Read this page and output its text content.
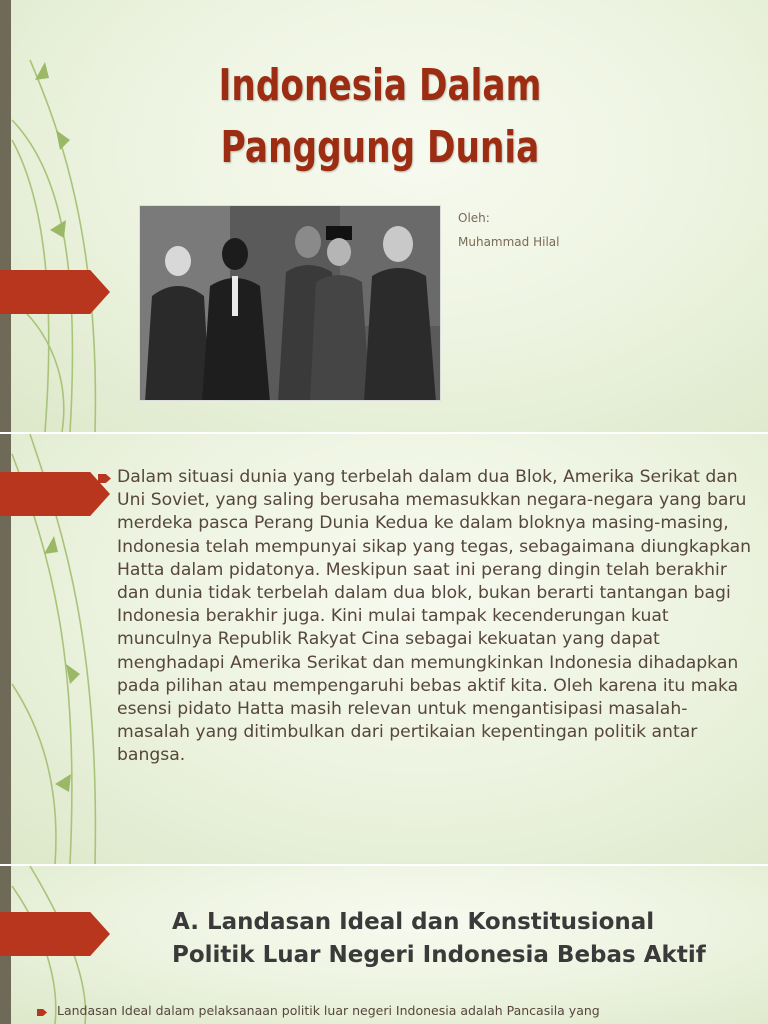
Indonesia Dalam Panggung Dunia
Oleh:
Muhammad Hilal

Dalam situasi dunia yang terbelah dalam dua Blok, Amerika Serikat dan Uni Soviet, yang saling berusaha memasukkan negara-negara yang baru merdeka pasca Perang Dunia Kedua ke dalam bloknya masing-masing, Indonesia telah mempunyai sikap yang tegas, sebagaimana diungkapkan Hatta dalam pidatonya. Meskipun saat ini perang dingin telah berakhir dan dunia tidak terbelah dalam dua blok, bukan berarti tantangan bagi Indonesia berakhir juga. Kini mulai tampak kecenderungan kuat munculnya Republik Rakyat Cina sebagai kekuatan yang dapat menghadapi Amerika Serikat dan memungkinkan Indonesia dihadapkan pada pilihan atau mempengaruhi bebas aktif kita. Oleh karena itu maka esensi pidato Hatta masih relevan untuk mengantisipasi masalah-masalah yang ditimbulkan dari pertikaian kepentingan politik antar bangsa.

A. Landasan Ideal dan Konstitusional Politik Luar Negeri Indonesia Bebas Aktif

Landasan Ideal dalam pelaksanaan politik luar negeri Indonesia adalah Pancasila yang
